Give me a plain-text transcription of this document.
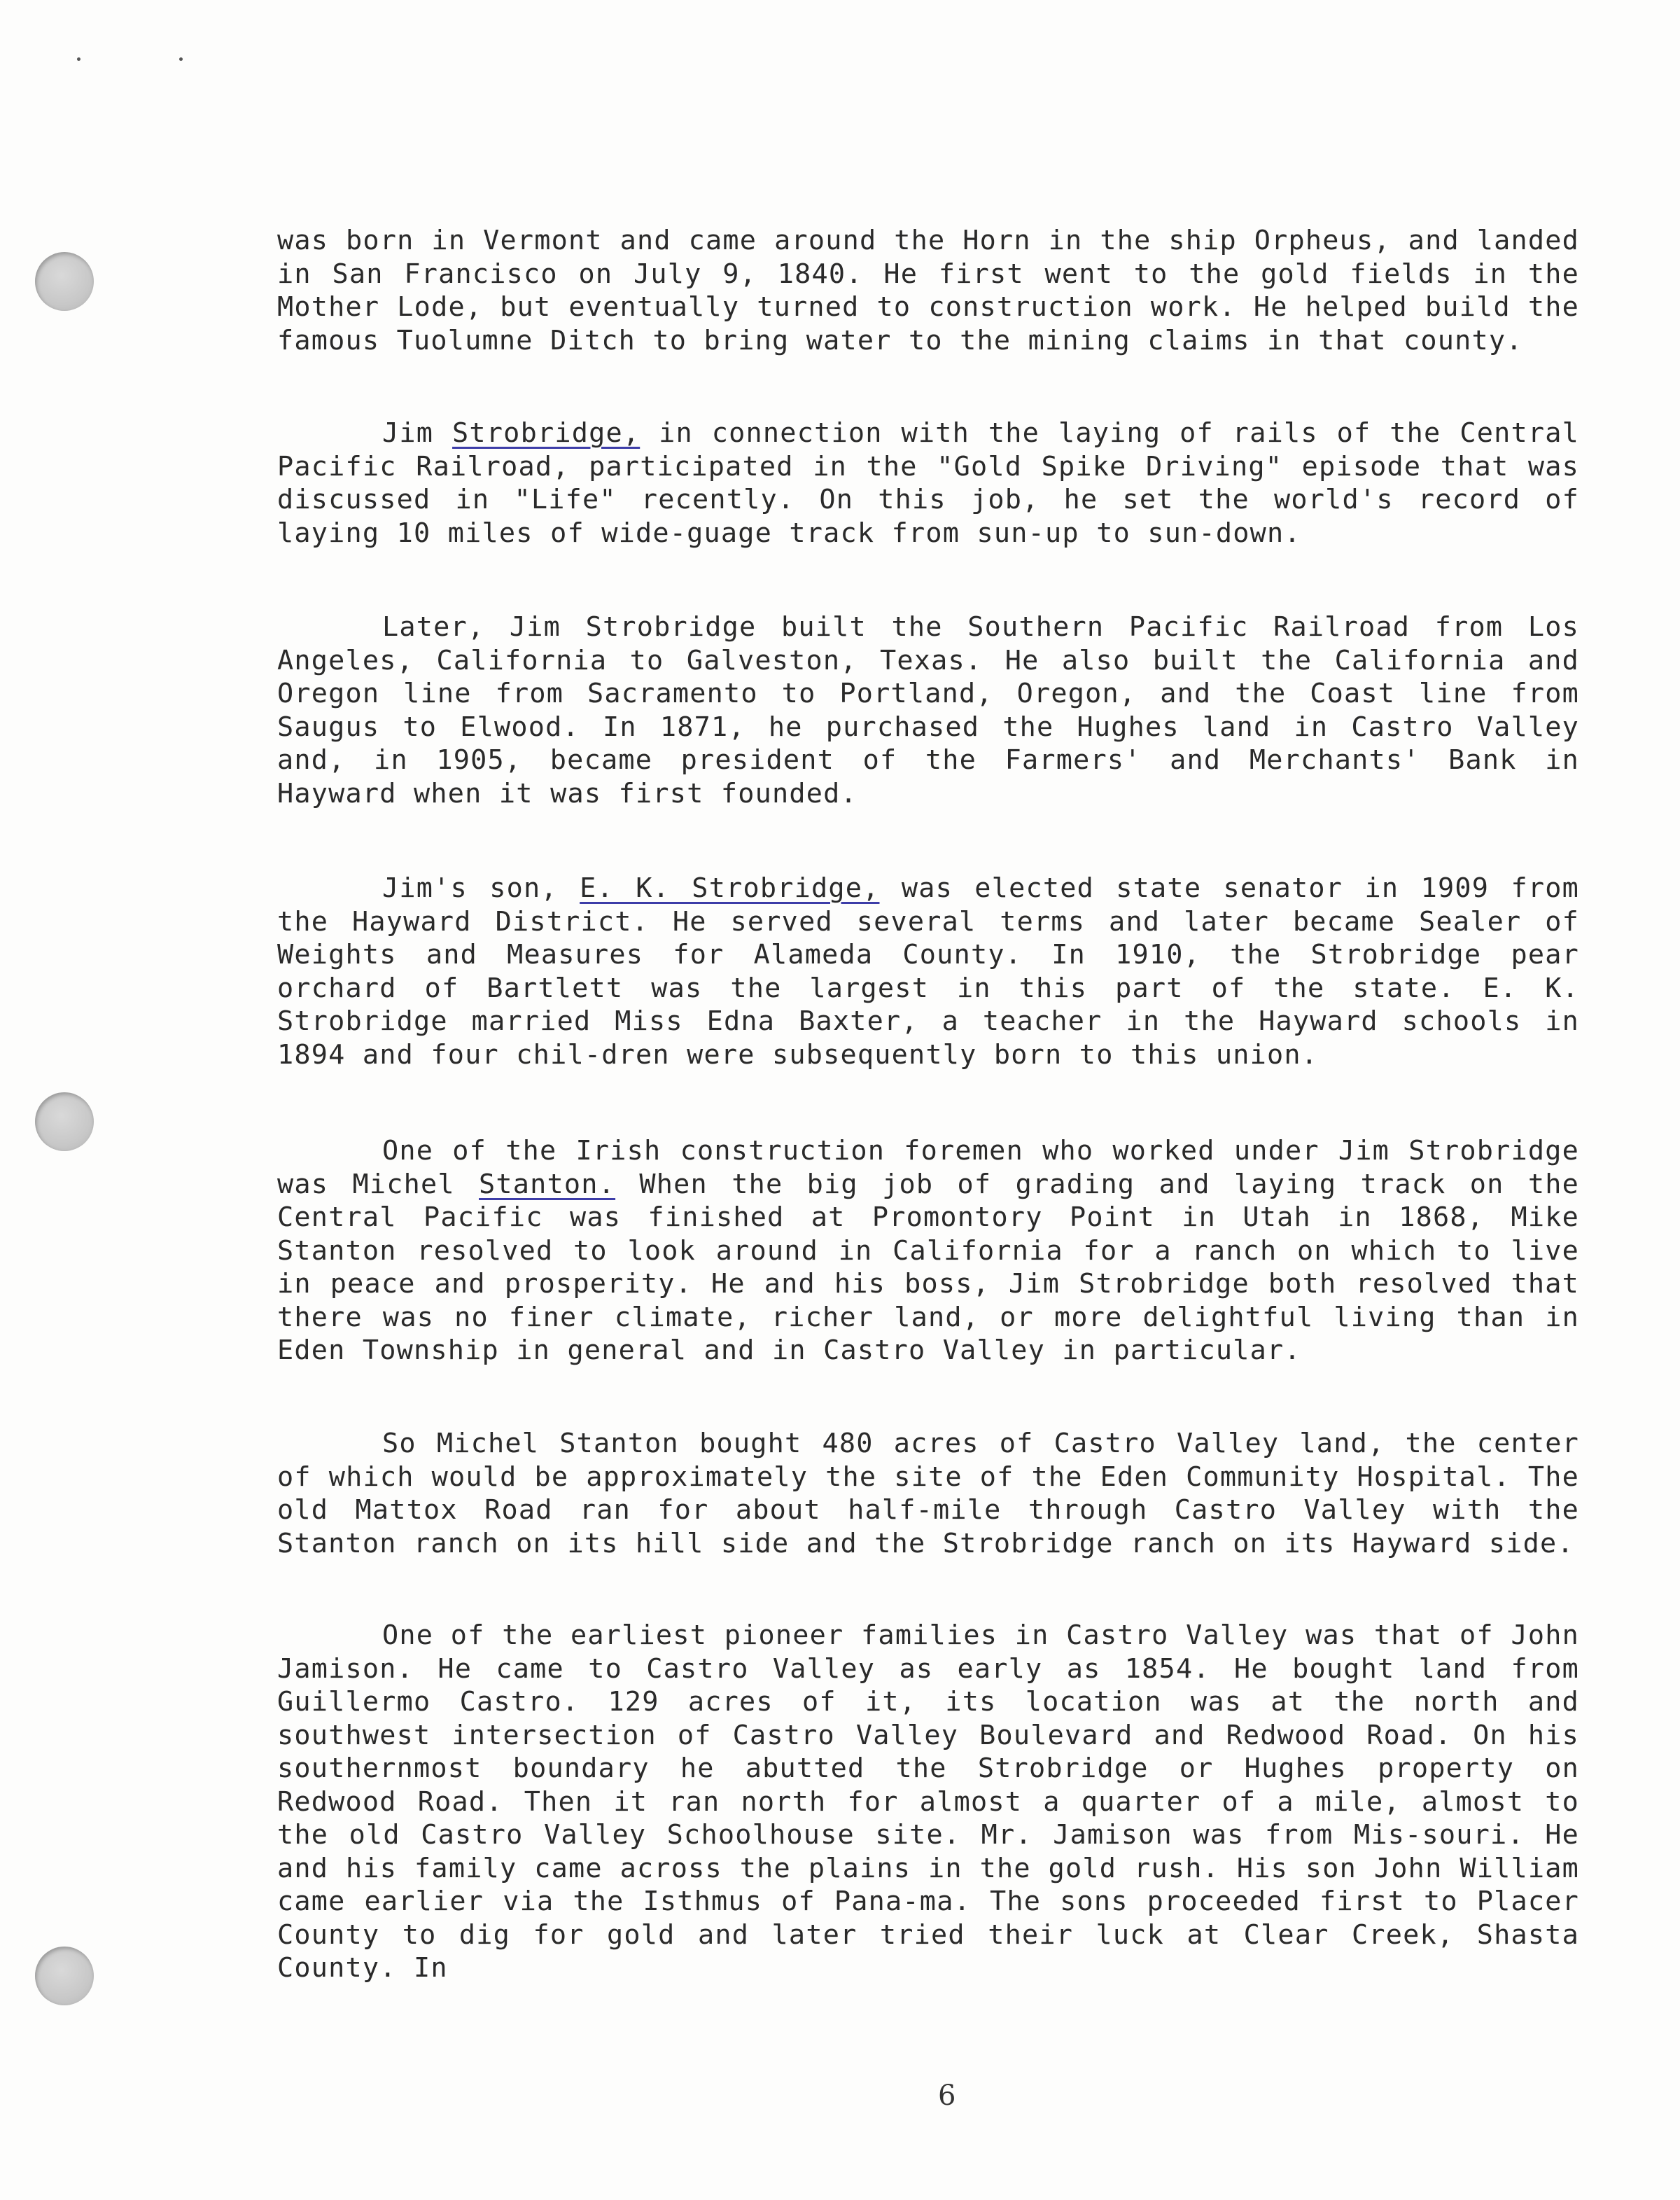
was born in Vermont and came around the Horn in the ship Orpheus, and landed in San Francisco on July 9, 1840. He first went to the gold fields in the Mother Lode, but eventually turned to construction work. He helped build the famous Tuolumne Ditch to bring water to the mining claims in that county.

Jim Strobridge, in connection with the laying of rails of the Central Pacific Railroad, participated in the "Gold Spike Driving" episode that was discussed in "Life" recently. On this job, he set the world's record of laying 10 miles of wide-guage track from sun-up to sun-down.

Later, Jim Strobridge built the Southern Pacific Railroad from Los Angeles, California to Galveston, Texas. He also built the California and Oregon line from Sacramento to Portland, Oregon, and the Coast line from Saugus to Elwood. In 1871, he purchased the Hughes land in Castro Valley and, in 1905, became president of the Farmers' and Merchants' Bank in Hayward when it was first founded.

Jim's son, E. K. Strobridge, was elected state senator in 1909 from the Hayward District. He served several terms and later became Sealer of Weights and Measures for Alameda County. In 1910, the Strobridge pear orchard of Bartlett was the largest in this part of the state. E. K. Strobridge married Miss Edna Baxter, a teacher in the Hayward schools in 1894 and four chil-dren were subsequently born to this union.

One of the Irish construction foremen who worked under Jim Strobridge was Michel Stanton. When the big job of grading and laying track on the Central Pacific was finished at Promontory Point in Utah in 1868, Mike Stanton resolved to look around in California for a ranch on which to live in peace and prosperity. He and his boss, Jim Strobridge both resolved that there was no finer climate, richer land, or more delightful living than in Eden Township in general and in Castro Valley in particular.

So Michel Stanton bought 480 acres of Castro Valley land, the center of which would be approximately the site of the Eden Community Hospital. The old Mattox Road ran for about half-mile through Castro Valley with the Stanton ranch on its hill side and the Strobridge ranch on its Hayward side.

One of the earliest pioneer families in Castro Valley was that of John Jamison. He came to Castro Valley as early as 1854. He bought land from Guillermo Castro. 129 acres of it, its location was at the north and southwest intersection of Castro Valley Boulevard and Redwood Road. On his southernmost boundary he abutted the Strobridge or Hughes property on Redwood Road. Then it ran north for almost a quarter of a mile, almost to the old Castro Valley Schoolhouse site. Mr. Jamison was from Mis-souri. He and his family came across the plains in the gold rush. His son John William came earlier via the Isthmus of Pana-ma. The sons proceeded first to Placer County to dig for gold and later tried their luck at Clear Creek, Shasta County. In

6
